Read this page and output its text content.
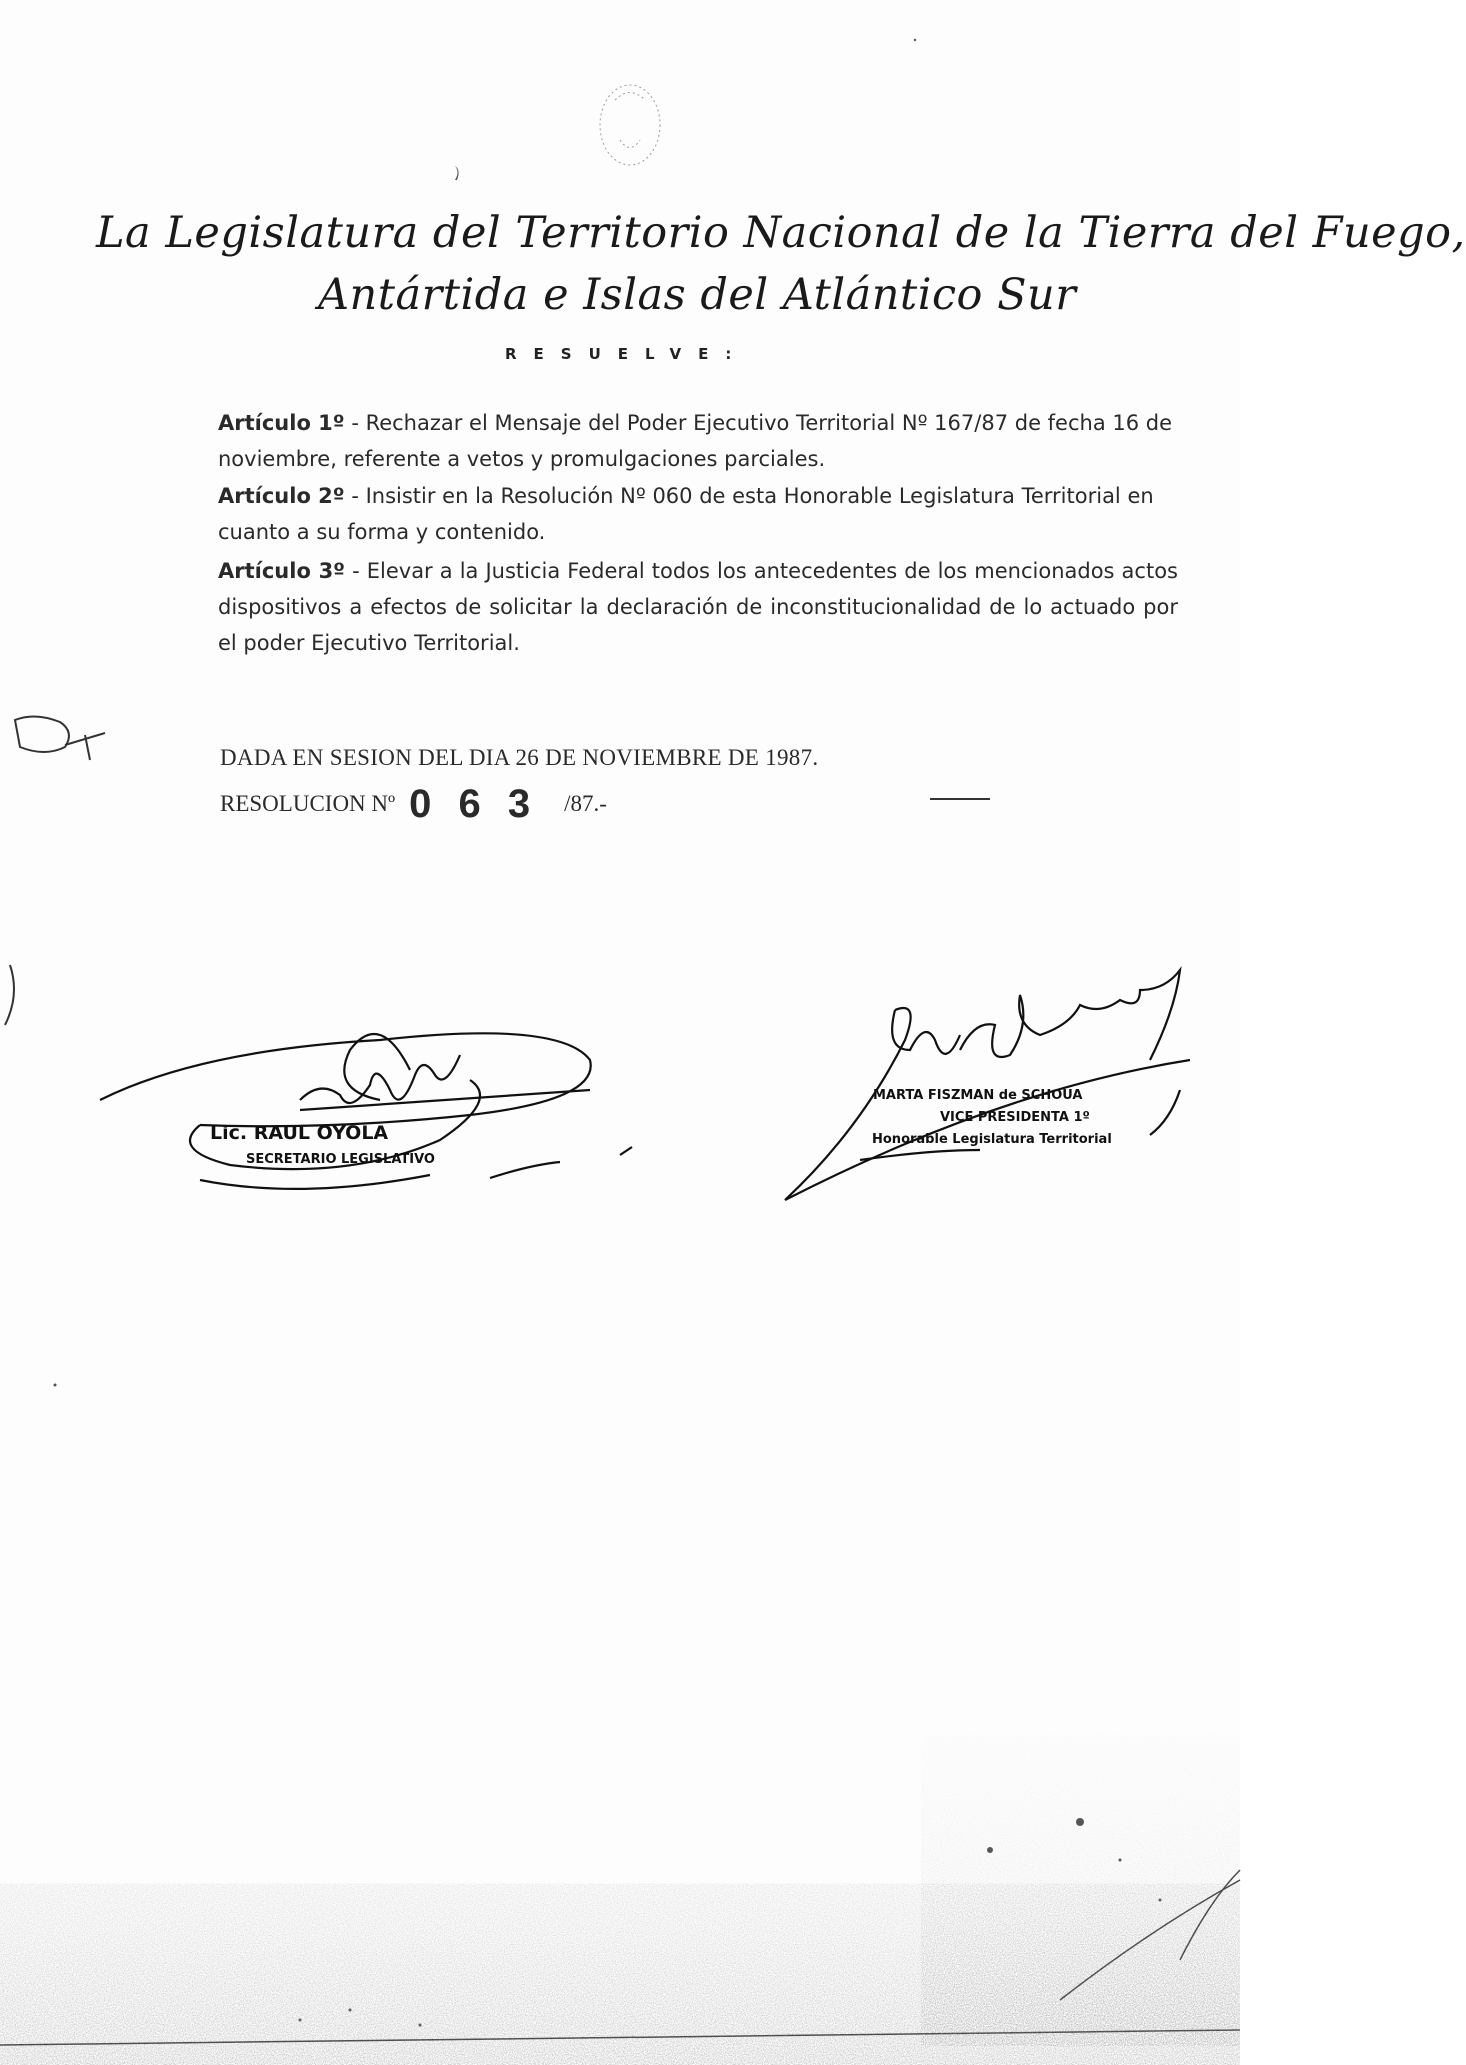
La Legislatura del Territorio Nacional de la Tierra del Fuego,
Antártida e Islas del Atlántico Sur
RESUELVE:
Artículo 1º - Rechazar el Mensaje del Poder Ejecutivo Territorial Nº 167/87 de fecha 16 de noviembre, referente a vetos y promulgaciones parciales.
Artículo 2º - Insistir en la Resolución Nº 060 de esta Honorable Legislatura Territorial en cuanto a su forma y contenido.
Artículo 3º - Elevar a la Justicia Federal todos los antecedentes de los mencionados actos dispositivos a efectos de solicitar la declaración de inconstitucionalidad de lo actuado por el poder Ejecutivo Territorial.
DADA EN SESION DEL DIA 26 DE NOVIEMBRE DE 1987.
RESOLUCION Nº 0 6 3 /87.-
Lic. RAUL OYOLA
SECRETARIO LEGISLATIVO
MARTA FISZMAN de SCHOUA
VICE PRESIDENTA 1º
Honorable Legislatura Territorial
